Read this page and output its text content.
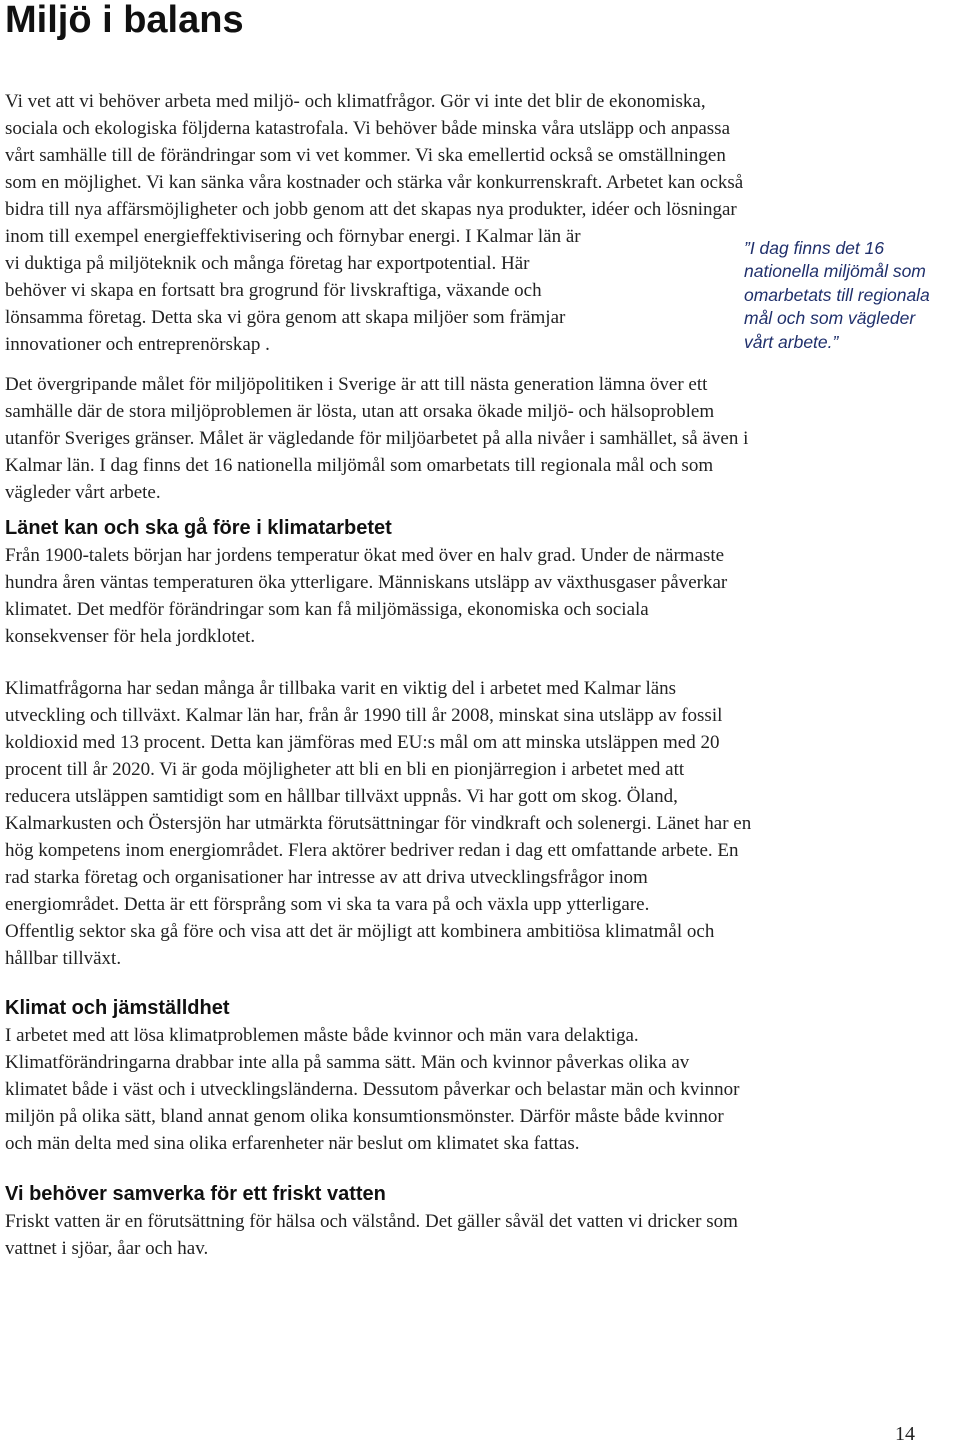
Miljö i balans
Vi vet att vi behöver arbeta med miljö- och klimatfrågor. Gör vi inte det blir de ekonomiska,
sociala och ekologiska följderna katastrofala. Vi behöver både minska våra utsläpp och anpassa
vårt samhälle till de förändringar som vi vet kommer. Vi ska emellertid också se omställningen
som en möjlighet. Vi kan sänka våra kostnader och stärka vår konkurrenskraft. Arbetet kan också
bidra till nya affärsmöjligheter och jobb genom att det skapas nya produkter, idéer och lösningar
inom till exempel energieffektivisering och förnybar energi. I Kalmar län är
vi duktiga på miljöteknik och många företag har exportpotential. Här
behöver vi skapa en fortsatt bra grogrund för livskraftiga, växande och
lönsamma företag. Detta ska vi göra genom att skapa miljöer som främjar
innovationer och entreprenörskap .
”I dag finns det 16
nationella miljömål som
omarbetats till regionala
mål och som vägleder
vårt arbete.”
Det övergripande målet för miljöpolitiken i Sverige är att till nästa generation lämna över ett
samhälle där de stora miljöproblemen är lösta, utan att orsaka ökade miljö- och hälsoproblem
utanför Sveriges gränser. Målet är vägledande för miljöarbetet på alla nivåer i samhället, så även i
Kalmar län. I dag finns det 16 nationella miljömål som omarbetats till regionala mål och som
vägleder vårt arbete.
Länet kan och ska gå före i klimatarbetet
Från 1900-talets början har jordens temperatur ökat med över en halv grad. Under de närmaste
hundra åren väntas temperaturen öka ytterligare. Människans utsläpp av växthusgaser påverkar
klimatet. Det medför förändringar som kan få miljömässiga, ekonomiska och sociala
konsekvenser för hela jordklotet.
Klimatfrågorna har sedan många år tillbaka varit en viktig del i arbetet med Kalmar läns
utveckling och tillväxt. Kalmar län har, från år 1990 till år 2008, minskat sina utsläpp av fossil
koldioxid med 13 procent. Detta kan jämföras med EU:s mål om att minska utsläppen med 20
procent till år 2020. Vi är goda möjligheter att bli en bli en pionjärregion i arbetet med att
reducera utsläppen samtidigt som en hållbar tillväxt uppnås. Vi har gott om skog. Öland,
Kalmarkusten och Östersjön har utmärkta förutsättningar för vindkraft och solenergi. Länet har en
hög kompetens inom energiområdet. Flera aktörer bedriver redan i dag ett omfattande arbete. En
rad starka företag och organisationer har intresse av att driva utvecklingsfrågor inom
energiområdet. Detta är ett försprång som vi ska ta vara på och växla upp ytterligare.
Offentlig sektor ska gå före och visa att det är möjligt att kombinera ambitiösa klimatmål och
hållbar tillväxt.
Klimat och jämställdhet
I arbetet med att lösa klimatproblemen måste både kvinnor och män vara delaktiga.
Klimatförändringarna drabbar inte alla på samma sätt. Män och kvinnor påverkas olika av
klimatet både i väst och i utvecklingsländerna. Dessutom påverkar och belastar män och kvinnor
miljön på olika sätt, bland annat genom olika konsumtionsmönster. Därför måste både kvinnor
och män delta med sina olika erfarenheter när beslut om klimatet ska fattas.
Vi behöver samverka för ett friskt vatten
Friskt vatten är en förutsättning för hälsa och välstånd. Det gäller såväl det vatten vi dricker som
vattnet i sjöar, åar och hav.
14
